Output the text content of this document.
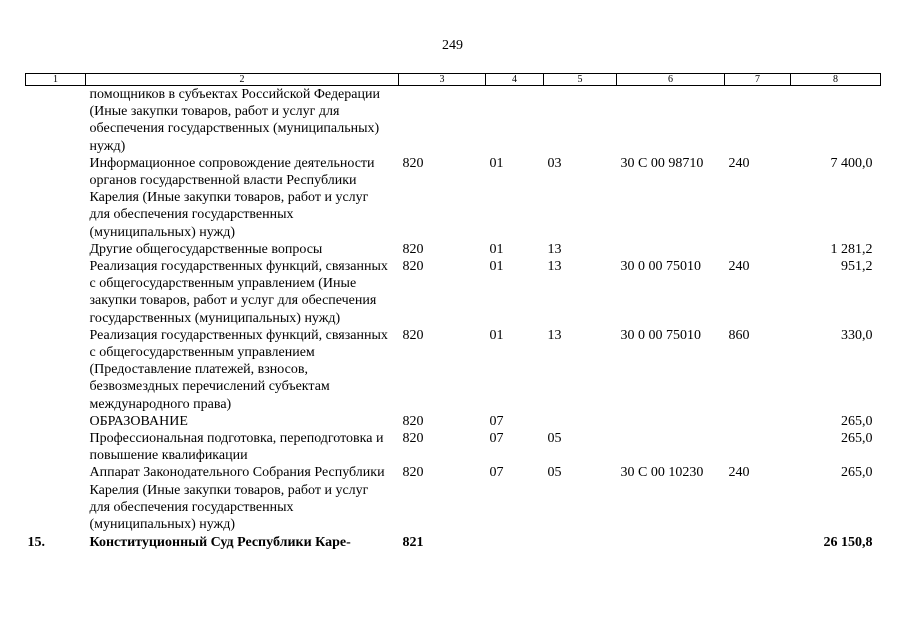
249
1	2	3	4	5	6	7	8
	помощников в субъектах Российской Федерации (Иные закупки товаров, работ и услуг для обеспечения государственных (муниципальных) нужд)						
	Информационное сопровождение деятельности органов государственной власти Республики Карелия (Иные закупки товаров, работ и услуг для обеспечения государственных (муниципальных) нужд)	820	01	03	30 С 00 98710	240	7 400,0
	Другие общегосударственные вопросы	820	01	13			1 281,2
	Реализация государственных функций, связанных с общегосударственным управлением (Иные закупки товаров, работ и услуг для обеспечения государственных (муниципальных) нужд)	820	01	13	30 0 00 75010	240	951,2
	Реализация государственных функций, связанных с общегосударственным управлением (Предоставление платежей, взносов, безвозмездных перечислений субъектам международного права)	820	01	13	30 0 00 75010	860	330,0
	ОБРАЗОВАНИЕ	820	07				265,0
	Профессиональная подготовка, переподготовка и повышение квалификации	820	07	05			265,0
	Аппарат Законодательного Собрания Республики Карелия (Иные закупки товаров, работ и услуг для обеспечения государственных (муниципальных) нужд)	820	07	05	30 С 00 10230	240	265,0
15.	Конституционный Суд Республики Каре-	821					26 150,8
